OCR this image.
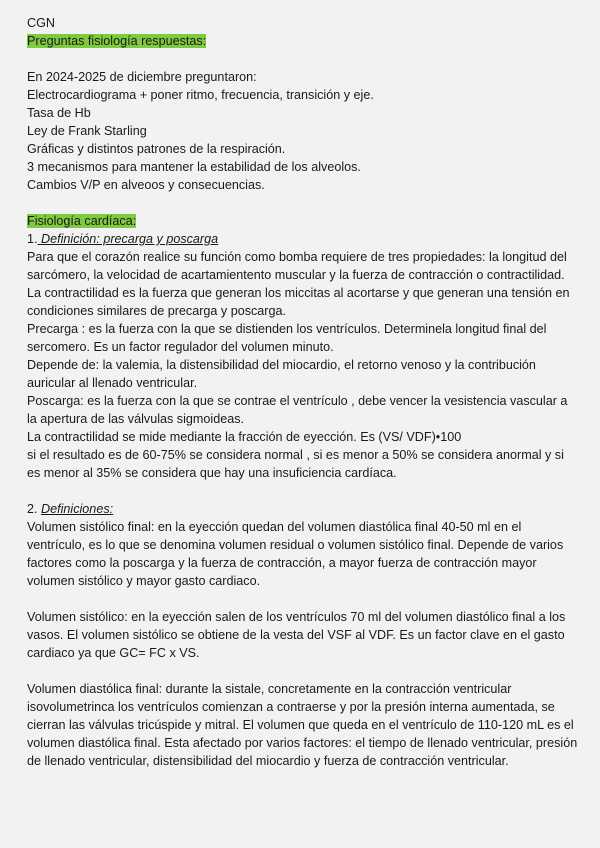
CGN
Preguntas fisiología respuestas:
En 2024-2025 de diciembre preguntaron:
Electrocardiograma + poner ritmo, frecuencia, transición y eje.
Tasa de Hb
Ley de Frank Starling
Gráficas y distintos patrones de la respiración.
3 mecanismos para mantener la estabilidad de los alveolos.
Cambios V/P en alveoos y consecuencias.
Fisiología cardíaca:
1. Definición: precarga y poscarga

Para que el corazón realice su función como bomba requiere de tres propiedades: la longitud del sarcómero, la velocidad de acartamientento muscular y la fuerza de contracción o contractilidad.

La contractilidad es la fuerza que generan los miccitas al acortarse y que generan una tensión en condiciones similares de precarga y poscarga.

Precarga : es la fuerza con la que se distienden los ventrículos. Determinela longitud final del sercomero. Es un factor regulador del volumen minuto.

Depende de: la valemia, la distensibilidad del miocardio, el retorno venoso y la contribución auricular al llenado ventricular.

Poscarga: es la fuerza con la que se contrae el ventrículo , debe vencer la vesistencia vascular a la apertura de las válvulas sigmoideas.

La contractilidad se mide mediante la fracción de eyección. Es (VS/ VDF)•100

si el resultado es de 60-75% se considera normal , si es menor a 50% se considera anormal y si es menor al 35% se considera que hay una insuficiencia cardíaca.

2. Definiciones:

Volumen sistólico final: en la eyección quedan del volumen diastólica final 40-50 ml en el ventrículo, es lo que se denomina volumen residual o volumen sistólico final. Depende de varios factores como la poscarga y la fuerza de contracción, a mayor fuerza de contracción mayor volumen sistólico y mayor gasto cardiaco.

Volumen sistólico: en la eyección salen de los ventrículos 70 ml del volumen diastólico final a los vasos. El volumen sistólico se obtiene de la vesta del VSF al VDF. Es un factor clave en el gasto cardiaco ya que GC= FC x VS.

Volumen diastólica final: durante la sistale, concretamente en la contracción ventricular isovolumetrinca los ventrículos comienzan a contraerse y por la presión interna aumentada, se cierran las válvulas tricúspide y mitral. El volumen que queda en el ventrículo de 110-120 mL es el volumen diastólica final. Esta afectado por varios factores: el tiempo de llenado ventricular, presión de llenado ventricular, distensibilidad del miocardio y fuerza de contracción ventricular.
